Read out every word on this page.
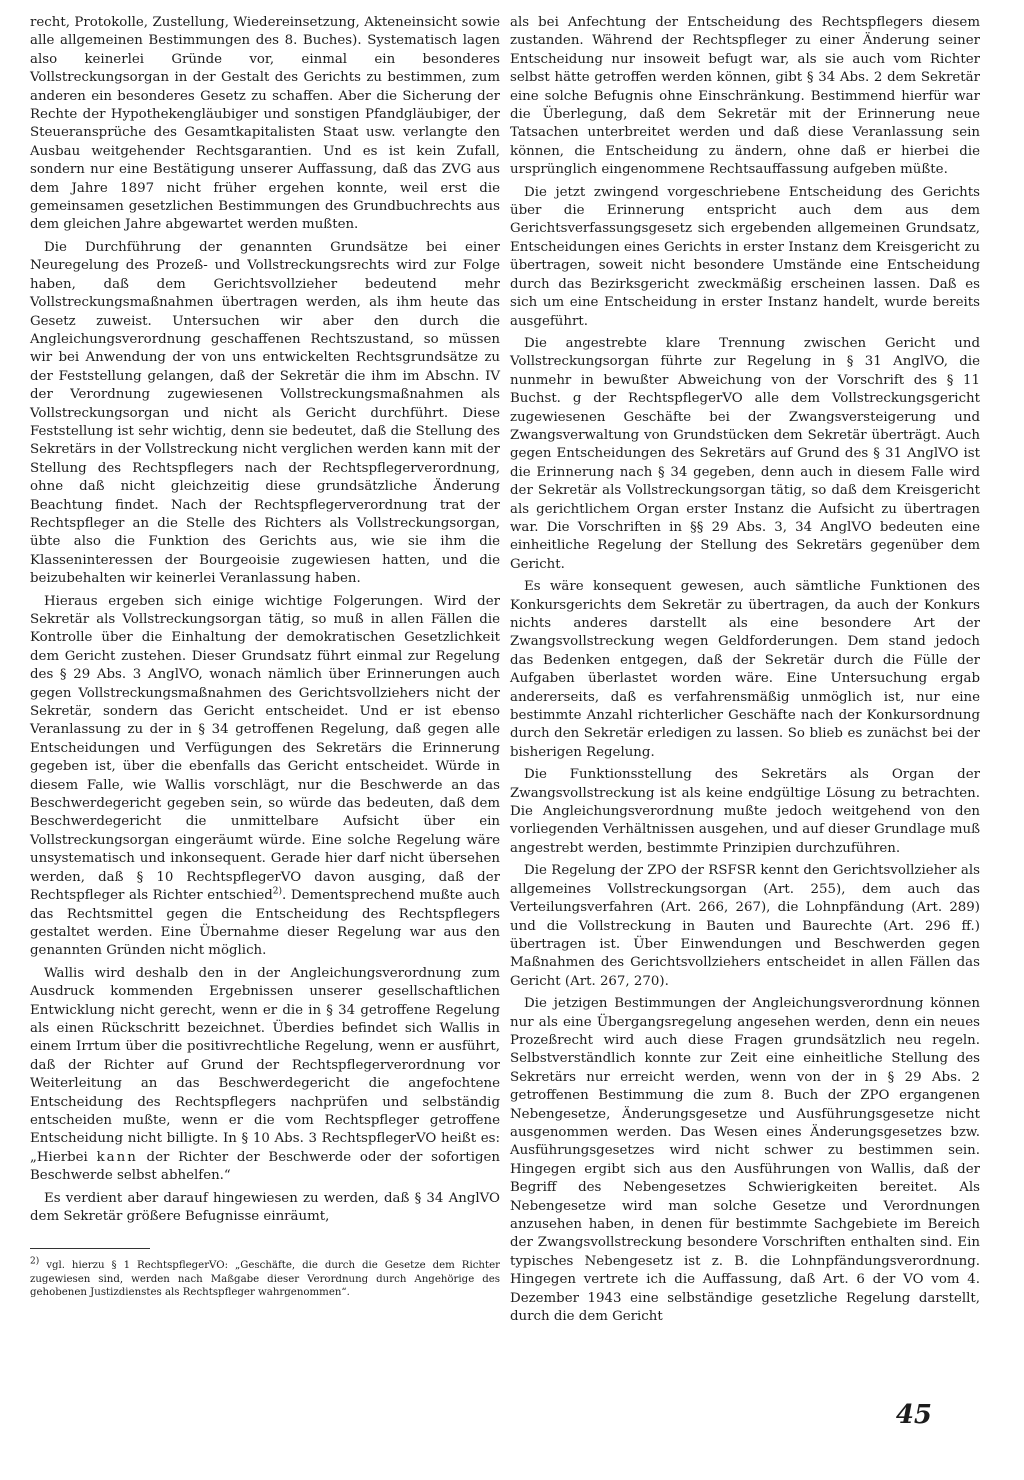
recht, Protokolle, Zustellung, Wiedereinsetzung, Akteneinsicht sowie alle allgemeinen Bestimmungen des 8. Buches). Systematisch lagen also keinerlei Gründe vor, einmal ein besonderes Vollstreckungsorgan in der Gestalt des Gerichts zu bestimmen, zum anderen ein besonderes Gesetz zu schaffen. Aber die Sicherung der Rechte der Hypothekengläubiger und sonstigen Pfandgläubiger, der Steueransprüche des Gesamtkapitalisten Staat usw. verlangte den Ausbau weitgehender Rechtsgarantien. Und es ist kein Zufall, sondern nur eine Bestätigung unserer Auffassung, daß das ZVG aus dem Jahre 1897 nicht früher ergehen konnte, weil erst die gemeinsamen gesetzlichen Bestimmungen des Grundbuchrechts aus dem gleichen Jahre abgewartet werden mußten.

Die Durchführung der genannten Grundsätze bei einer Neuregelung des Prozeß- und Vollstreckungsrechts wird zur Folge haben, daß dem Gerichtsvollzieher bedeutend mehr Vollstreckungsmaßnahmen übertragen werden, als ihm heute das Gesetz zuweist. Untersuchen wir aber den durch die Angleichungsverordnung geschaffenen Rechtszustand, so müssen wir bei Anwendung der von uns entwickelten Rechtsgrundsätze zu der Feststellung gelangen, daß der Sekretär die ihm im Abschn. IV der Verordnung zugewiesenen Vollstreckungsmaßnahmen als Vollstreckungsorgan und nicht als Gericht durchführt. Diese Feststellung ist sehr wichtig, denn sie bedeutet, daß die Stellung des Sekretärs in der Vollstreckung nicht verglichen werden kann mit der Stellung des Rechtspflegers nach der Rechtspflegerverordnung, ohne daß nicht gleichzeitig diese grundsätzliche Änderung Beachtung findet. Nach der Rechtspflegerverordnung trat der Rechtspfleger an die Stelle des Richters als Vollstreckungsorgan, übte also die Funktion des Gerichts aus, wie sie ihm die Klasseninteressen der Bourgeoisie zugewiesen hatten, und die beizubehalten wir keinerlei Veranlassung haben.

Hieraus ergeben sich einige wichtige Folgerungen. Wird der Sekretär als Vollstreckungsorgan tätig, so muß in allen Fällen die Kontrolle über die Einhaltung der demokratischen Gesetzlichkeit dem Gericht zustehen. Dieser Grundsatz führt einmal zur Regelung des § 29 Abs. 3 AnglVO, wonach nämlich über Erinnerungen auch gegen Vollstreckungsmaßnahmen des Gerichtsvollziehers nicht der Sekretär, sondern das Gericht entscheidet. Und er ist ebenso Veranlassung zu der in § 34 getroffenen Regelung, daß gegen alle Entscheidungen und Verfügungen des Sekretärs die Erinnerung gegeben ist, über die ebenfalls das Gericht entscheidet. Würde in diesem Falle, wie Wallis vorschlägt, nur die Beschwerde an das Beschwerdegericht gegeben sein, so würde das bedeuten, daß dem Beschwerdegericht die unmittelbare Aufsicht über ein Vollstreckungsorgan eingeräumt würde. Eine solche Regelung wäre unsystematisch und inkonsequent. Gerade hier darf nicht übersehen werden, daß § 10 RechtspflegerVO davon ausging, daß der Rechtspfleger als Richter entschied$^{2)}$. Dementsprechend mußte auch das Rechtsmittel gegen die Entscheidung des Rechtspflegers gestaltet werden. Eine Übernahme dieser Regelung war aus den genannten Gründen nicht möglich.

Wallis wird deshalb den in der Angleichungsverordnung zum Ausdruck kommenden Ergebnissen unserer gesellschaftlichen Entwicklung nicht gerecht, wenn er die in § 34 getroffene Regelung als einen Rückschritt bezeichnet. Überdies befindet sich Wallis in einem Irrtum über die positivrechtliche Regelung, wenn er ausführt, daß der Richter auf Grund der Rechtspflegerverordnung vor Weiterleitung an das Beschwerdegericht die angefochtene Entscheidung des Rechtspflegers nachprüfen und selbständig entscheiden mußte, wenn er die vom Rechtspfleger getroffene Entscheidung nicht billigte. In § 10 Abs. 3 RechtspflegerVO heißt es: „Hierbei kann der Richter der Beschwerde oder der sofortigen Beschwerde selbst abhelfen.“

Es verdient aber darauf hingewiesen zu werden, daß § 34 AnglVO dem Sekretär größere Befugnisse einräumt,

2) vgl. hierzu § 1 RechtspflegerVO: „Geschäfte, die durch die Gesetze dem Richter zugewiesen sind, werden nach Maßgabe dieser Verordnung durch Angehörige des gehobenen Justizdienstes als Rechtspfleger wahrgenommen“.

als bei Anfechtung der Entscheidung des Rechtspflegers diesem zustanden. Während der Rechtspfleger zu einer Änderung seiner Entscheidung nur insoweit befugt war, als sie auch vom Richter selbst hätte getroffen werden können, gibt § 34 Abs. 2 dem Sekretär eine solche Befugnis ohne Einschränkung. Bestimmend hierfür war die Überlegung, daß dem Sekretär mit der Erinnerung neue Tatsachen unterbreitet werden und daß diese Veranlassung sein können, die Entscheidung zu ändern, ohne daß er hierbei die ursprünglich eingenommene Rechtsauffassung aufgeben müßte.

Die jetzt zwingend vorgeschriebene Entscheidung des Gerichts über die Erinnerung entspricht auch dem aus dem Gerichtsverfassungsgesetz sich ergebenden allgemeinen Grundsatz, Entscheidungen eines Gerichts in erster Instanz dem Kreisgericht zu übertragen, soweit nicht besondere Umstände eine Entscheidung durch das Bezirksgericht zweckmäßig erscheinen lassen. Daß es sich um eine Entscheidung in erster Instanz handelt, wurde bereits ausgeführt.

Die angestrebte klare Trennung zwischen Gericht und Vollstreckungsorgan führte zur Regelung in § 31 AnglVO, die nunmehr in bewußter Abweichung von der Vorschrift des § 11 Buchst. g der RechtspflegerVO alle dem Vollstreckungsgericht zugewiesenen Geschäfte bei der Zwangsversteigerung und Zwangsverwaltung von Grundstücken dem Sekretär überträgt. Auch gegen Entscheidungen des Sekretärs auf Grund des § 31 AnglVO ist die Erinnerung nach § 34 gegeben, denn auch in diesem Falle wird der Sekretär als Vollstreckungsorgan tätig, so daß dem Kreisgericht als gerichtlichem Organ erster Instanz die Aufsicht zu übertragen war. Die Vorschriften in §§ 29 Abs. 3, 34 AnglVO bedeuten eine einheitliche Regelung der Stellung des Sekretärs gegenüber dem Gericht.

Es wäre konsequent gewesen, auch sämtliche Funktionen des Konkursgerichts dem Sekretär zu übertragen, da auch der Konkurs nichts anderes darstellt als eine besondere Art der Zwangsvollstreckung wegen Geldforderungen. Dem stand jedoch das Bedenken entgegen, daß der Sekretär durch die Fülle der Aufgaben überlastet worden wäre. Eine Untersuchung ergab andererseits, daß es verfahrensmäßig unmöglich ist, nur eine bestimmte Anzahl richterlicher Geschäfte nach der Konkursordnung durch den Sekretär erledigen zu lassen. So blieb es zunächst bei der bisherigen Regelung.

Die Funktionsstellung des Sekretärs als Organ der Zwangsvollstreckung ist als keine endgültige Lösung zu betrachten. Die Angleichungsverordnung mußte jedoch weitgehend von den vorliegenden Verhältnissen ausgehen, und auf dieser Grundlage muß angestrebt werden, bestimmte Prinzipien durchzuführen.

Die Regelung der ZPO der RSFSR kennt den Gerichtsvollzieher als allgemeines Vollstreckungsorgan (Art. 255), dem auch das Verteilungsverfahren (Art. 266, 267), die Lohnpfändung (Art. 289) und die Vollstreckung in Bauten und Baurechte (Art. 296 ff.) übertragen ist. Über Einwendungen und Beschwerden gegen Maßnahmen des Gerichtsvollziehers entscheidet in allen Fällen das Gericht (Art. 267, 270).

Die jetzigen Bestimmungen der Angleichungsverordnung können nur als eine Übergangsregelung angesehen werden, denn ein neues Prozeßrecht wird auch diese Fragen grundsätzlich neu regeln. Selbstverständlich konnte zur Zeit eine einheitliche Stellung des Sekretärs nur erreicht werden, wenn von der in § 29 Abs. 2 getroffenen Bestimmung die zum 8. Buch der ZPO ergangenen Nebengesetze, Änderungsgesetze und Ausführungsgesetze nicht ausgenommen werden. Das Wesen eines Änderungsgesetzes bzw. Ausführungsgesetzes wird nicht schwer zu bestimmen sein. Hingegen ergibt sich aus den Ausführungen von Wallis, daß der Begriff des Nebengesetzes Schwierigkeiten bereitet. Als Nebengesetze wird man solche Gesetze und Verordnungen anzusehen haben, in denen für bestimmte Sachgebiete im Bereich der Zwangsvollstreckung besondere Vorschriften enthalten sind. Ein typisches Nebengesetz ist z. B. die Lohnpfändungsverordnung. Hingegen vertrete ich die Auffassung, daß Art. 6 der VO vom 4. Dezember 1943 eine selbständige gesetzliche Regelung darstellt, durch die dem Gericht

45
